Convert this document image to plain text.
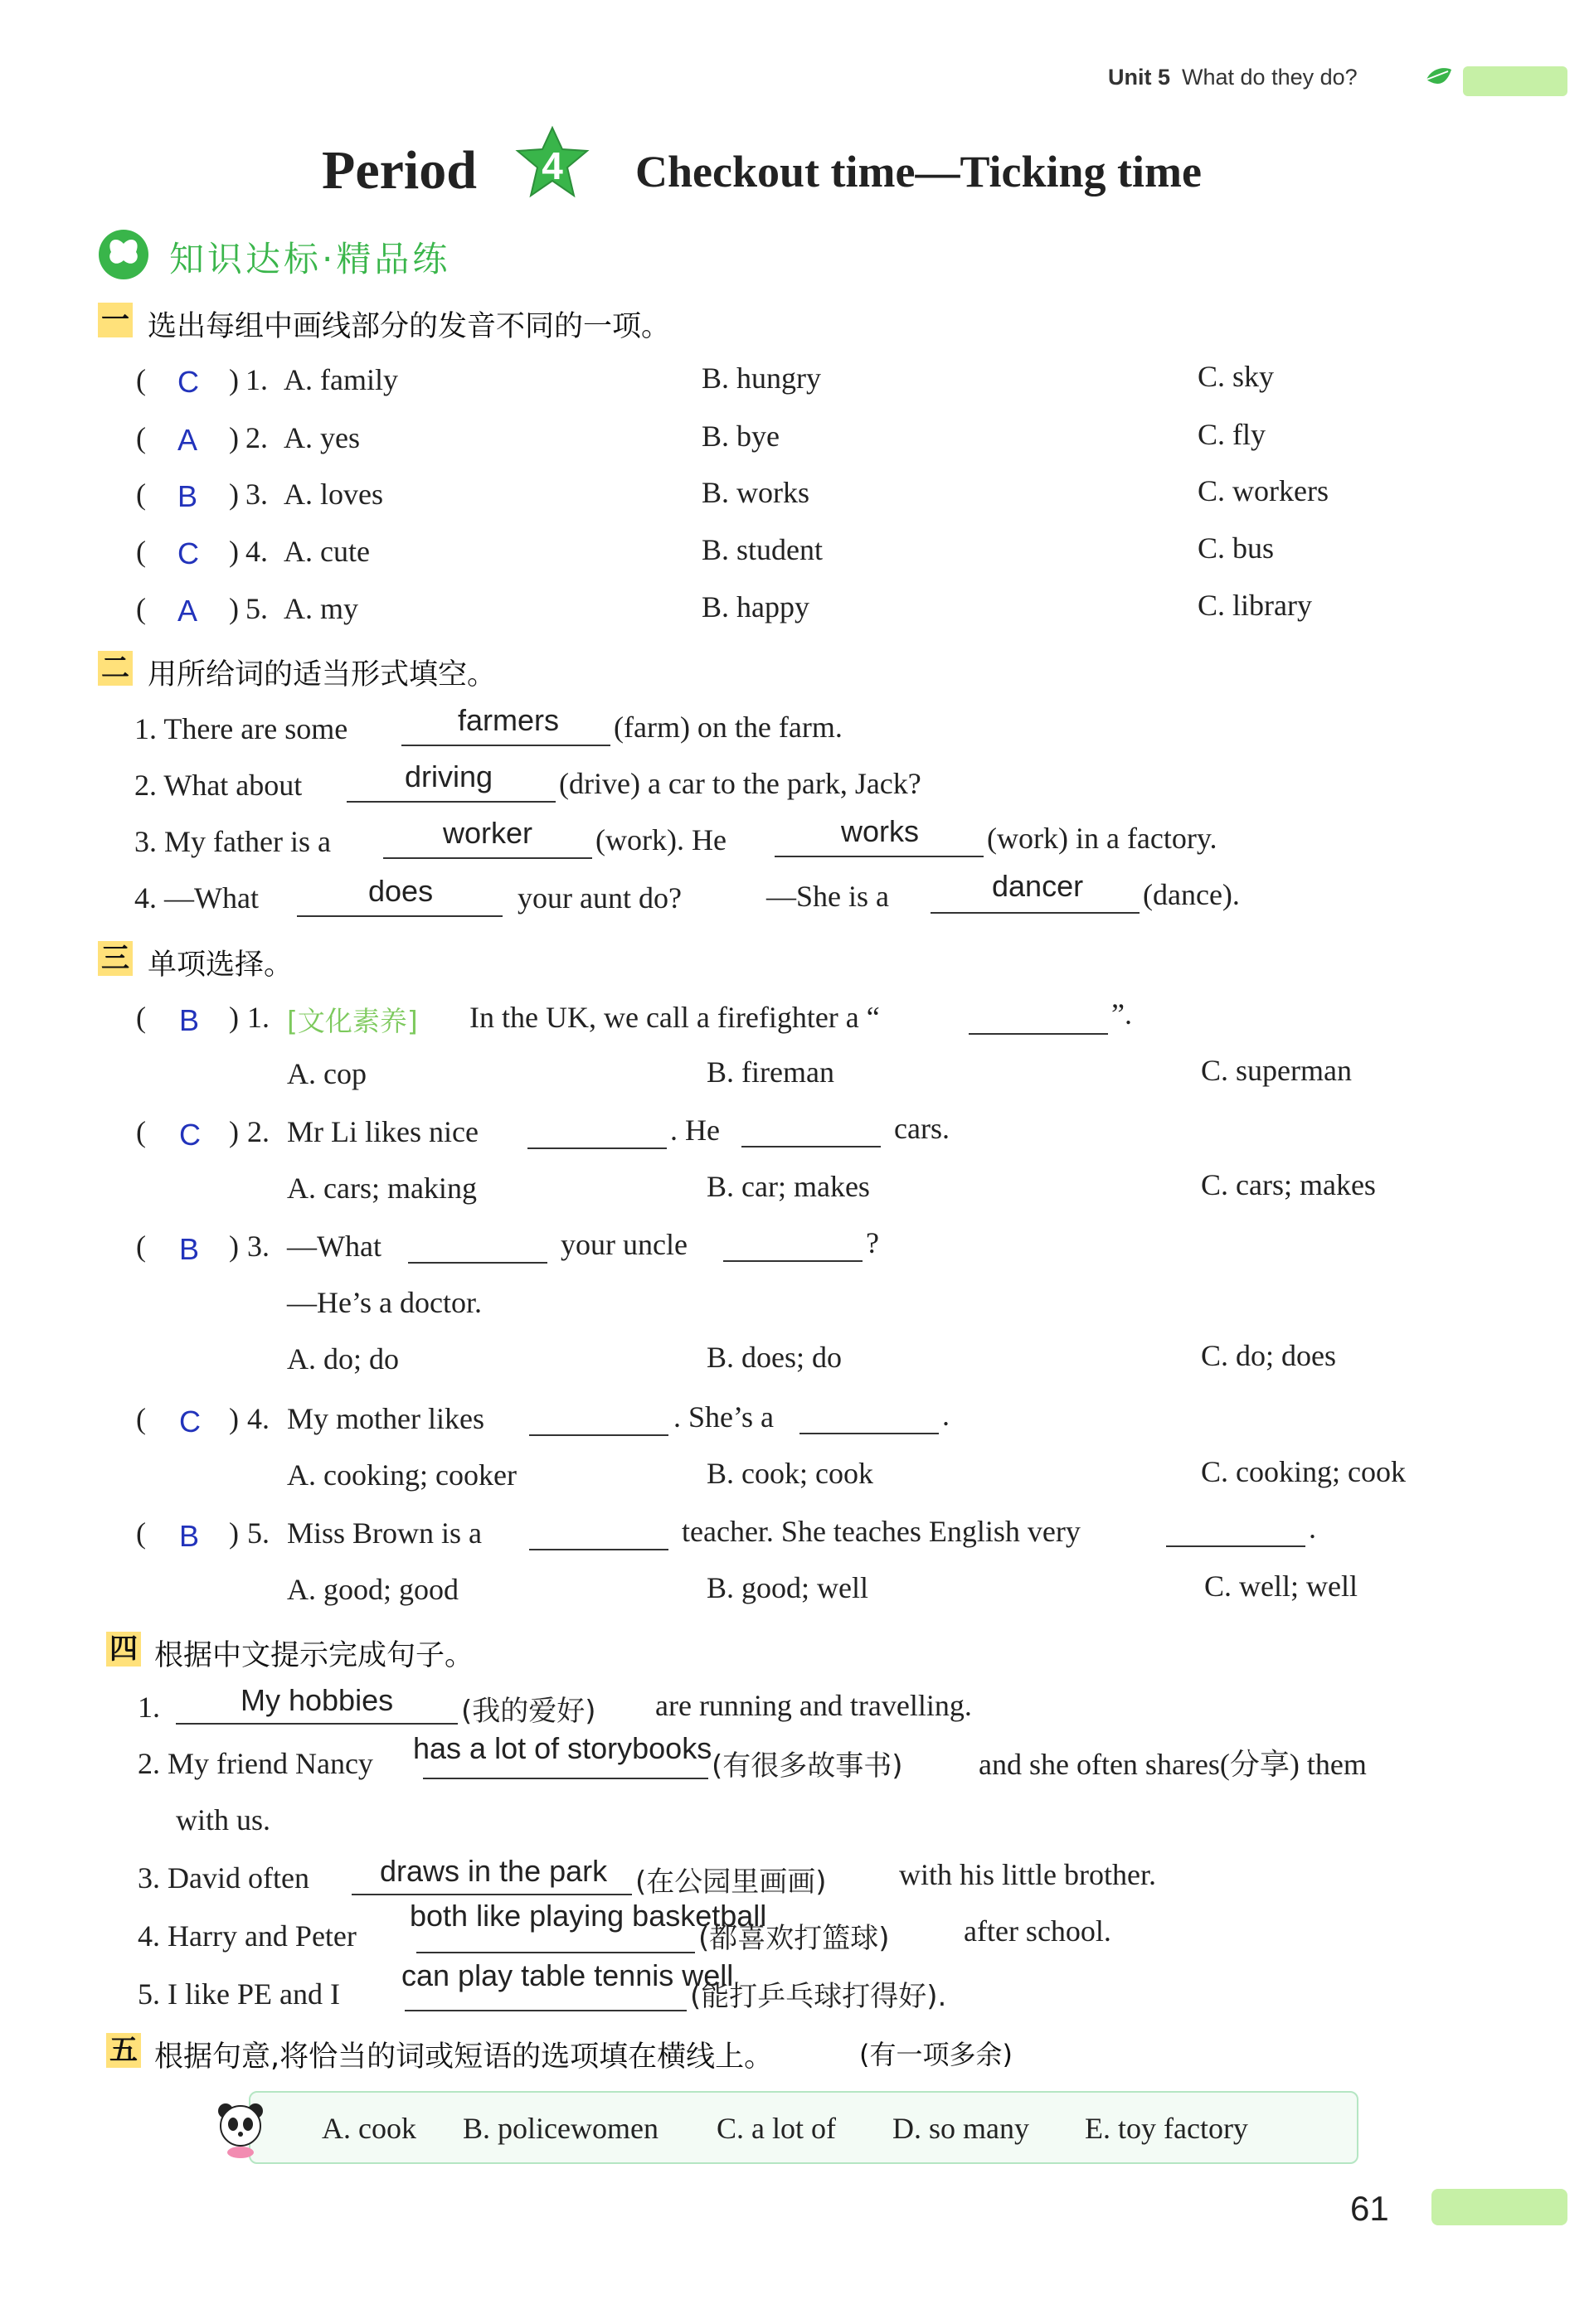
Unit 5 What do they do?
Period 4 Checkout time—Ticking time
知识达标·精品练
一 选出每组中画线部分的发音不同的一项。
( C ) 1. A. family	B. hungry	C. sky
( A ) 2. A. yes	B. bye	C. fly
( B ) 3. A. loves	B. works	C. workers
( C ) 4. A. cute	B. student	C. bus
( A ) 5. A. my	B. happy	C. library
二 用所给词的适当形式填空。
1. There are some	farmers (farm) on the farm.
2. What about	driving (drive) a car to the park, Jack?
3. My father is a	worker (work). He	works (work) in a factory.
4. —What	does	your aunt do?	—She is a	dancer (dance).
三 单项选择。
( B ) 1. [文化素养] In the UK, we call a firefighter a “	”.
A. cop	B. fireman	C. superman
( C ) 2. Mr Li likes nice	. He	cars.
A. cars; making	B. car; makes	C. cars; makes
( B ) 3. —What	your uncle	?
—He’s a doctor.
A. do; do	B. does; do	C. do; does
( C ) 4. My mother likes	. She’s a	.
A. cooking; cooker	B. cook; cook	C. cooking; cook
( B ) 5. Miss Brown is a	teacher. She teaches English very	.
A. good; good	B. good; well	C. well; well
四 根据中文提示完成句子。
1.	My hobbies (我的爱好) are running and travelling.
2. My friend Nancy has a lot of storybooks
(有很多故事书)	and she often shares(分享) them
with us.
3. David often draws in the park (在公园里画画) with his little brother.
4. Harry and Peter
both like playing basketball
(都喜欢打篮球) after school.
5. I like PE and I
can play table tennis well
(能打乒乓球打得好).
五 根据句意,将恰当的词或短语的选项填在横线上。	(有一项多余)
A. cook B. policewomen C. a lot of D. so many E. toy factory
61
